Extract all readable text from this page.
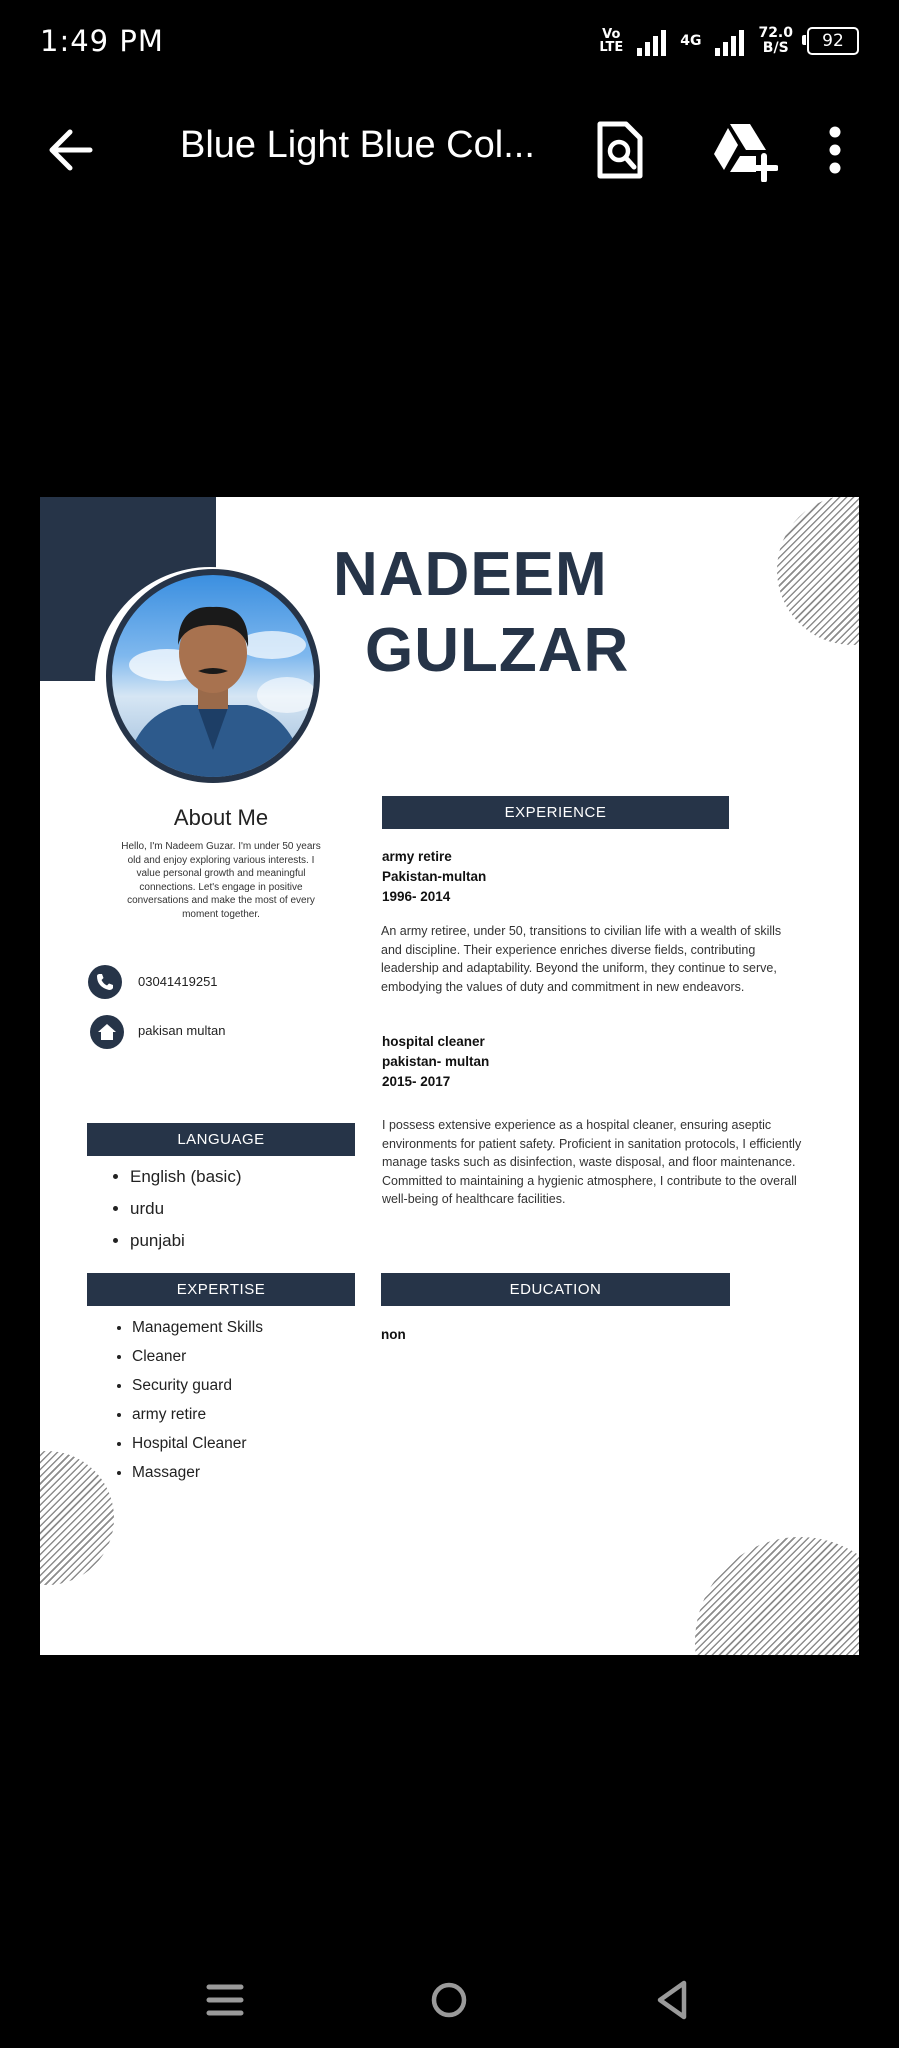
1:49 PM	Vo
LTE	4G	72.0
B/S	92
Blue Light Blue Col...
NADEEM
GULZAR
About Me
Hello, I'm Nadeem Guzar. I'm under 50 years old and enjoy exploring various interests. I value personal growth and meaningful connections. Let's engage in positive conversations and make the most of every moment together.
03041419251
pakisan multan
LANGUAGE
• English (basic)
• urdu
• punjabi
EXPERTISE
• Management Skills
• Cleaner
• Security guard
• army retire
• Hospital Cleaner
• Massager
EXPERIENCE
army retire
Pakistan-multan
1996- 2014
An army retiree, under 50, transitions to civilian life with a wealth of skills and discipline. Their experience enriches diverse fields, contributing leadership and adaptability. Beyond the uniform, they continue to serve, embodying the values of duty and commitment in new endeavors.
hospital cleaner
pakistan- multan
2015- 2017
I possess extensive experience as a hospital cleaner, ensuring aseptic environments for patient safety. Proficient in sanitation protocols, I efficiently manage tasks such as disinfection, waste disposal, and floor maintenance. Committed to maintaining a hygienic atmosphere, I contribute to the overall well-being of healthcare facilities.
EDUCATION
non
